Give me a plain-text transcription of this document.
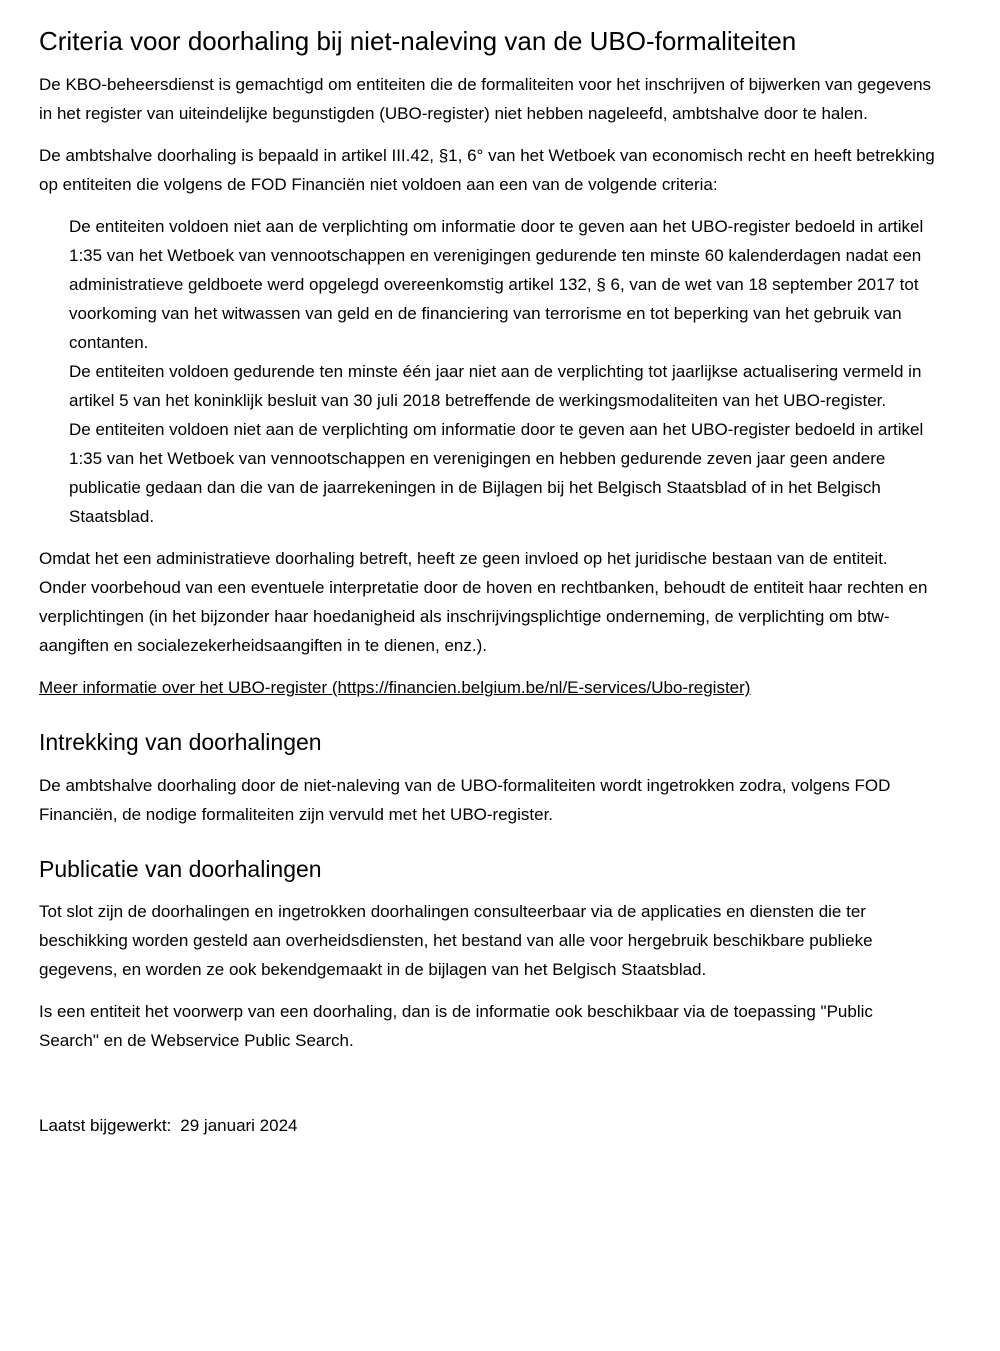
Criteria voor doorhaling bij niet-naleving van de UBO-formaliteiten

De KBO-beheersdienst is gemachtigd om entiteiten die de formaliteiten voor het inschrijven of bijwerken van gegevens in het register van uiteindelijke begunstigden (UBO-register) niet hebben nageleefd, ambtshalve door te halen.

De ambtshalve doorhaling is bepaald in artikel III.42, §1, 6° van het Wetboek van economisch recht en heeft betrekking op entiteiten die volgens de FOD Financiën niet voldoen aan een van de volgende criteria:

De entiteiten voldoen niet aan de verplichting om informatie door te geven aan het UBO-register bedoeld in artikel 1:35 van het Wetboek van vennootschappen en verenigingen gedurende ten minste 60 kalenderdagen nadat een administratieve geldboete werd opgelegd overeenkomstig artikel 132, § 6, van de wet van 18 september 2017 tot voorkoming van het witwassen van geld en de financiering van terrorisme en tot beperking van het gebruik van contanten.
De entiteiten voldoen gedurende ten minste één jaar niet aan de verplichting tot jaarlijkse actualisering vermeld in artikel 5 van het koninklijk besluit van 30 juli 2018 betreffende de werkingsmodaliteiten van het UBO-register.
De entiteiten voldoen niet aan de verplichting om informatie door te geven aan het UBO-register bedoeld in artikel 1:35 van het Wetboek van vennootschappen en verenigingen en hebben gedurende zeven jaar geen andere publicatie gedaan dan die van de jaarrekeningen in de Bijlagen bij het Belgisch Staatsblad of in het Belgisch Staatsblad.

Omdat het een administratieve doorhaling betreft, heeft ze geen invloed op het juridische bestaan van de entiteit. Onder voorbehoud van een eventuele interpretatie door de hoven en rechtbanken, behoudt de entiteit haar rechten en verplichtingen (in het bijzonder haar hoedanigheid als inschrijvingsplichtige onderneming, de verplichting om btw-aangiften en socialezekerheidsaangiften in te dienen, enz.).

Meer informatie over het UBO-register (https://financien.belgium.be/nl/E-services/Ubo-register)

Intrekking van doorhalingen

De ambtshalve doorhaling door de niet-naleving van de UBO-formaliteiten wordt ingetrokken zodra, volgens FOD Financiën, de nodige formaliteiten zijn vervuld met het UBO-register.

Publicatie van doorhalingen

Tot slot zijn de doorhalingen en ingetrokken doorhalingen consulteerbaar via de applicaties en diensten die ter beschikking worden gesteld aan overheidsdiensten, het bestand van alle voor hergebruik beschikbare publieke gegevens, en worden ze ook bekendgemaakt in de bijlagen van het Belgisch Staatsblad.

Is een entiteit het voorwerp van een doorhaling, dan is de informatie ook beschikbaar via de toepassing "Public Search" en de Webservice Public Search.

Laatst bijgewerkt: 29 januari 2024
